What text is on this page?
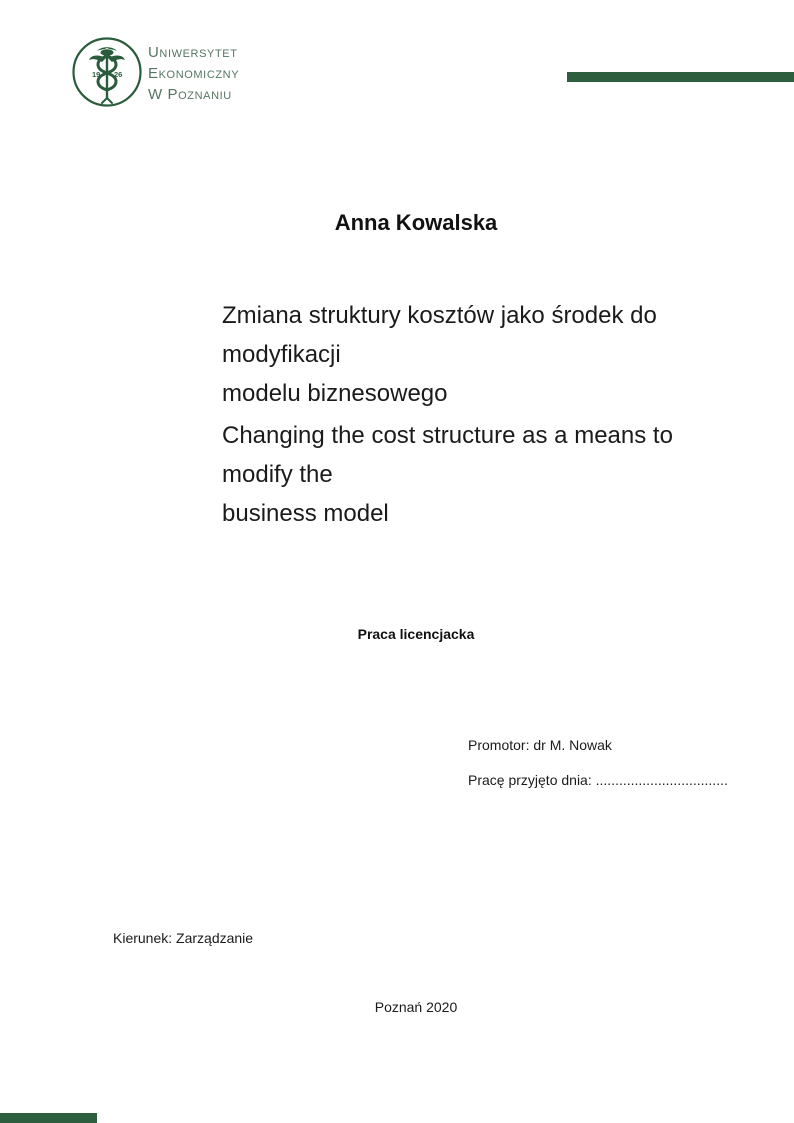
19 26
Uniwersytet
Ekonomiczny
W Poznaniu
Anna Kowalska
Zmiana struktury kosztów jako środek do modyfikacji
modelu biznesowego
Changing the cost structure as a means to modify the
business model
Praca licencjacka
Promotor: dr M. Nowak
Pracę przyjęto dnia: ..................................
Kierunek: Zarządzanie
Poznań 2020
